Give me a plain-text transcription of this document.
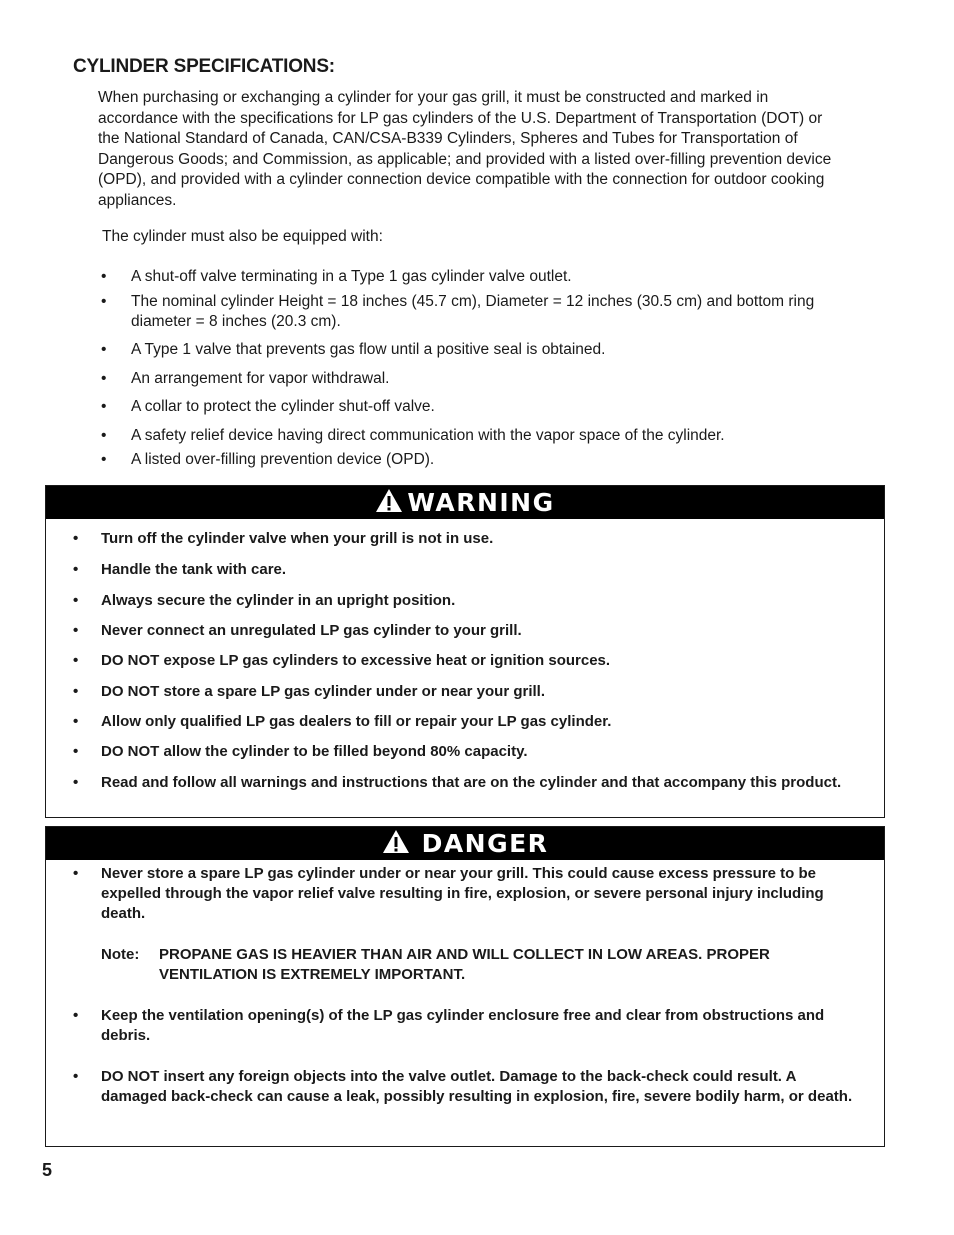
CYLINDER SPECIFICATIONS:

When purchasing or exchanging a cylinder for your gas grill, it must be constructed and marked in accordance with the specifications for LP gas cylinders of the U.S. Department of Transportation (DOT) or the National Standard of Canada, CAN/CSA-B339 Cylinders, Spheres and Tubes for Transportation of Dangerous Goods; and Commission, as applicable; and provided with a listed over-filling prevention device (OPD), and provided with a cylinder connection device compatible with the connection for outdoor cooking appliances.

The cylinder must also be equipped with:

• A shut-off valve terminating in a Type 1 gas cylinder valve outlet.
• The nominal cylinder Height = 18 inches (45.7 cm), Diameter = 12 inches (30.5 cm) and bottom ring diameter = 8 inches (20.3 cm).
• A Type 1 valve that prevents gas flow until a positive seal is obtained.
• An arrangement for vapor withdrawal.
• A collar to protect the cylinder shut-off valve.
• A safety relief device having direct communication with the vapor space of the cylinder.
• A listed over-filling prevention device (OPD).
WARNING
• Turn off the cylinder valve when your grill is not in use.
• Handle the tank with care.
• Always secure the cylinder in an upright position.
• Never connect an unregulated LP gas cylinder to your grill.
• DO NOT expose LP gas cylinders to excessive heat or ignition sources.
• DO NOT store a spare LP gas cylinder under or near your grill.
• Allow only qualified LP gas dealers to fill or repair your LP gas cylinder.
• DO NOT allow the cylinder to be filled beyond 80% capacity.
• Read and follow all warnings and instructions that are on the cylinder and that accompany this product.
DANGER
• Never store a spare LP gas cylinder under or near your grill. This could cause excess pressure to be expelled through the vapor relief valve resulting in fire, explosion, or severe personal injury including death.
Note: PROPANE GAS IS HEAVIER THAN AIR AND WILL COLLECT IN LOW AREAS. PROPER VENTILATION IS EXTREMELY IMPORTANT.
• Keep the ventilation opening(s) of the LP gas cylinder enclosure free and clear from obstructions and debris.
• DO NOT insert any foreign objects into the valve outlet. Damage to the back-check could result. A damaged back-check can cause a leak, possibly resulting in explosion, fire, severe bodily harm, or death.
5
